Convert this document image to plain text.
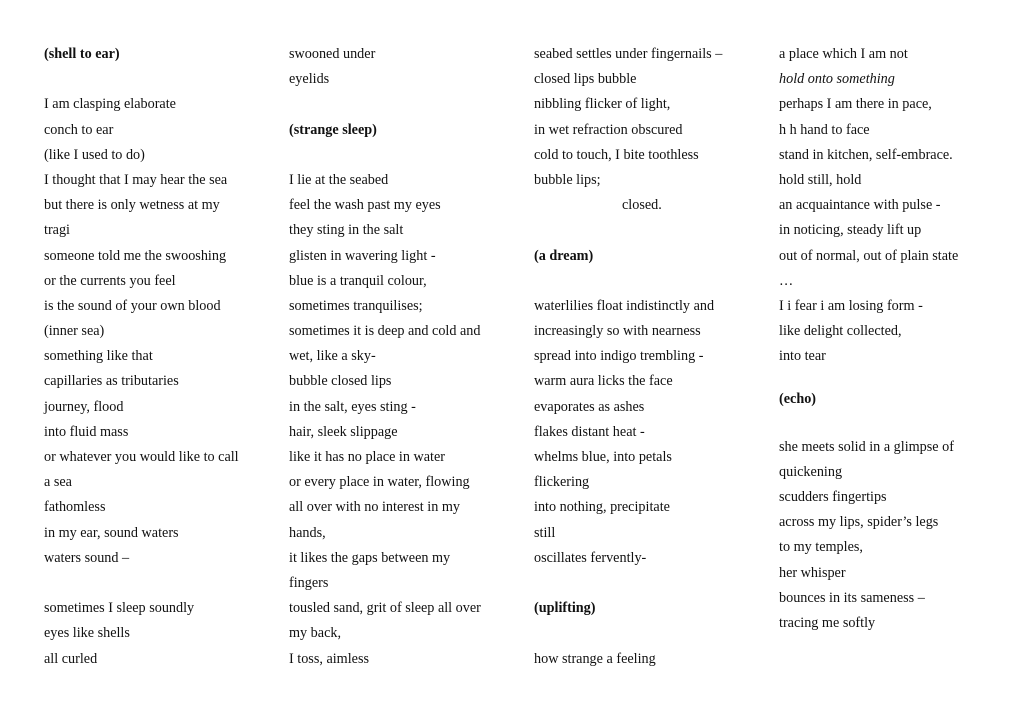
(shell to ear)
I am clasping elaborate
conch to ear
(like I used to do)
I thought that I may hear the sea
but there is only wetness at my
tragi
someone told me the swooshing
or the currents you feel
is the sound of your own blood
(inner sea)
something like that
capillaries as tributaries
journey, flood
into fluid mass
or whatever you would like to call
a sea
fathomless
in my ear, sound waters
waters sound –
sometimes I sleep soundly
eyes like shells
all curled
swooned under
eyelids
(strange sleep)
I lie at the seabed
feel the wash past my eyes
they sting in the salt
glisten in wavering light -
blue is a tranquil colour,
sometimes tranquilises;
sometimes it is deep and cold and
wet, like a sky-
bubble closed lips
in the salt, eyes sting -
hair, sleek slippage
like it has no place in water
or every place in water, flowing
all over with no interest in my
hands,
it likes the gaps between my
fingers
tousled sand, grit of sleep all over
my back,
I toss, aimless
seabed settles under fingernails –
closed lips bubble
nibbling flicker of light,
in wet refraction obscured
cold to touch, I bite toothless
bubble lips;
closed.
(a dream)
waterlilies float indistinctly and
increasingly so with nearness
spread into indigo trembling -
warm aura licks the face
evaporates as ashes
flakes distant heat -
whelms blue, into petals
flickering
into nothing, precipitate
still
oscillates fervently-
(uplifting)
how strange a feeling
a place which I am not
hold onto something
perhaps I am there in pace,
h h hand to face
stand in kitchen, self-embrace.
hold still, hold
an acquaintance with pulse -
in noticing, steady lift up
out of normal, out of plain state
…
I i fear i am losing form -
like delight collected,
into tear
(echo)
she meets solid in a glimpse of
quickening
scudders fingertips
across my lips, spider’s legs
to my temples,
her whisper
bounces in its sameness –
tracing me softly
